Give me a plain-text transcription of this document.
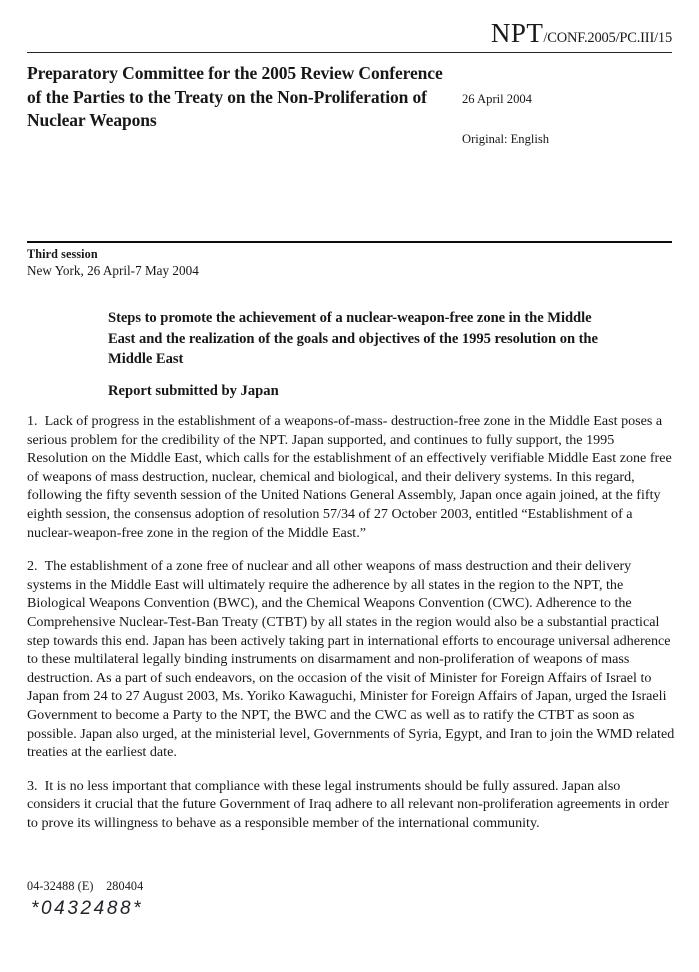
NPT/CONF.2005/PC.III/15
Preparatory Committee for the 2005 Review Conference of the Parties to the Treaty on the Non-Proliferation of Nuclear Weapons

26 April 2004

Original: English

Third session
New York, 26 April-7 May 2004
Steps to promote the achievement of a nuclear-weapon-free zone in the Middle East and the realization of the goals and objectives of the 1995 resolution on the Middle East
Report submitted by Japan

1. Lack of progress in the establishment of a weapons-of-mass- destruction-free zone in the Middle East poses a serious problem for the credibility of the NPT. Japan supported, and continues to fully support, the 1995 Resolution on the Middle East, which calls for the establishment of an effectively verifiable Middle East zone free of weapons of mass destruction, nuclear, chemical and biological, and their delivery systems. In this regard, following the fifty seventh session of the United Nations General Assembly, Japan once again joined, at the fifty eighth session, the consensus adoption of resolution 57/34 of 27 October 2003, entitled “Establishment of a nuclear-weapon-free zone in the region of the Middle East.”

2. The establishment of a zone free of nuclear and all other weapons of mass destruction and their delivery systems in the Middle East will ultimately require the adherence by all states in the region to the NPT, the Biological Weapons Convention (BWC), and the Chemical Weapons Convention (CWC). Adherence to the Comprehensive Nuclear-Test-Ban Treaty (CTBT) by all states in the region would also be a substantial practical step towards this end. Japan has been actively taking part in international efforts to encourage universal adherence to these multilateral legally binding instruments on disarmament and non-proliferation of weapons of mass destruction. As a part of such endeavors, on the occasion of the visit of Minister for Foreign Affairs of Israel to Japan from 24 to 27 August 2003, Ms. Yoriko Kawaguchi, Minister for Foreign Affairs of Japan, urged the Israeli Government to become a Party to the NPT, the BWC and the CWC as well as to ratify the CTBT as soon as possible. Japan also urged, at the ministerial level, Governments of Syria, Egypt, and Iran to join the WMD related treaties at the earliest date.

3. It is no less important that compliance with these legal instruments should be fully assured. Japan also considers it crucial that the future Government of Iraq adhere to all relevant non-proliferation agreements in order to prove its willingness to behave as a responsible member of the international community.

04-32488 (E)    280404
*0432488*
